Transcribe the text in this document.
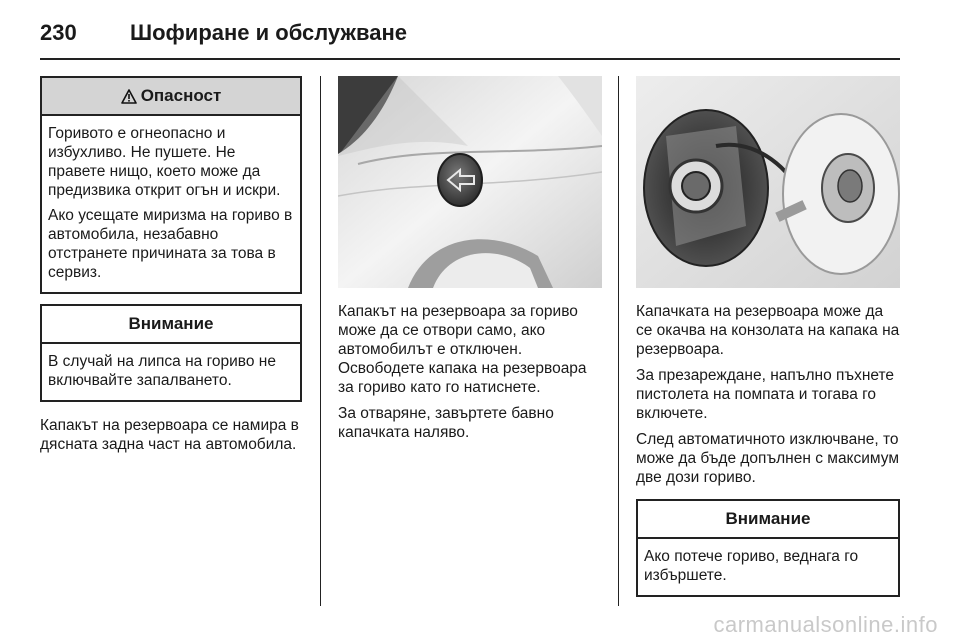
230 Шофиране и обслужване
Опасност

Горивото е огнеопасно и избухливо. Не пушете. Не правете нищо, което може да предизвика открит огън и искри.

Ако усещате миризма на гориво в автомобила, незабавно отстранете причината за това в сервиз.

Внимание

В случай на липса на гориво не включвайте запалването.

Капакът на резервоара се намира в дясната задна част на автомобила.

Капакът на резервоара за гориво може да се отвори само, ако автомобилът е отключен. Освободете капака на резервоара за гориво като го натиснете.

За отваряне, завъртете бавно капачката наляво.

Капачката на резервоара може да се окачва на конзолата на капака на резервоара.

За презареждане, напълно пъхнете пистолета на помпата и тогава го включете.

След автоматичното изключване, то може да бъде допълнен с максимум две дози гориво.

Внимание

Ако потече гориво, веднага го избършете.

carmanualsonline.info
